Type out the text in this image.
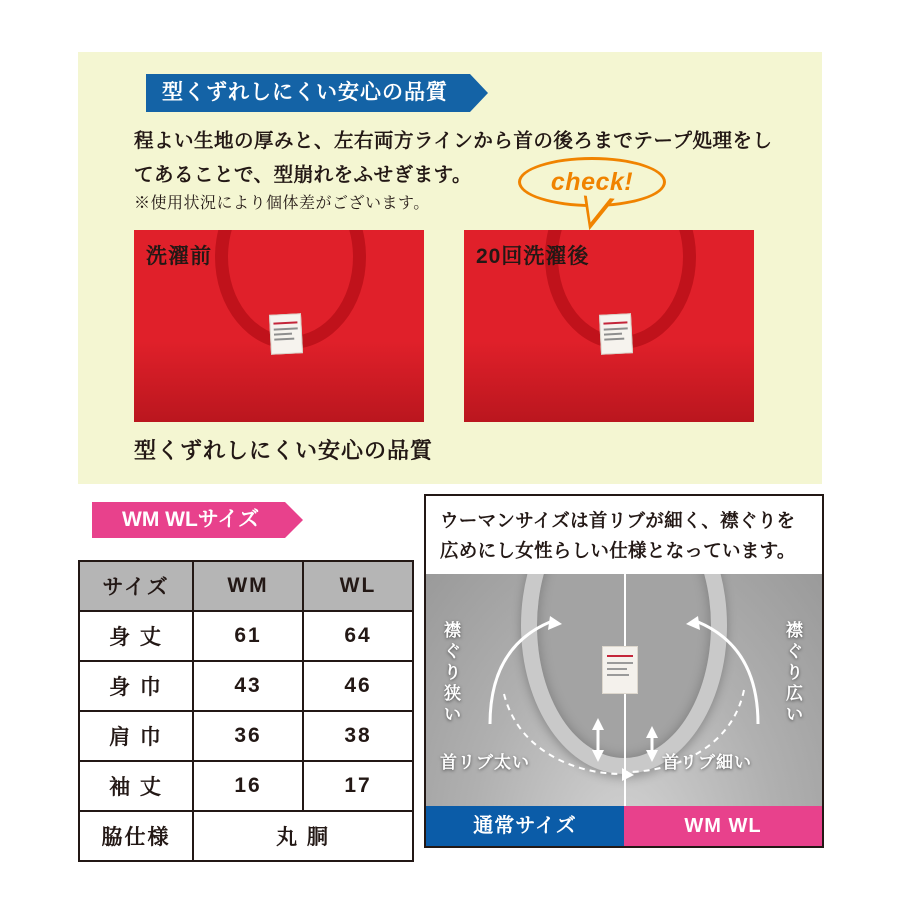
型くずれしにくい安心の品質
程よい生地の厚みと、左右両方ラインから首の後ろまでテープ処理をしてあることで、型崩れをふせぎます。
※使用状況により個体差がございます。
check!
洗濯前	20回洗濯後
型くずれしにくい安心の品質
WM WLサイズ
サイズ	WM	WL
身 丈	61	64
身 巾	43	46
肩 巾	36	38
袖 丈	16	17
脇仕様	丸 胴	
ウーマンサイズは首リブが細く、襟ぐりを広めにし女性らしい仕様となっています。
襟ぐり狭い
襟ぐり広い
首リブ太い	首リブ細い
通常サイズ	WM WL
